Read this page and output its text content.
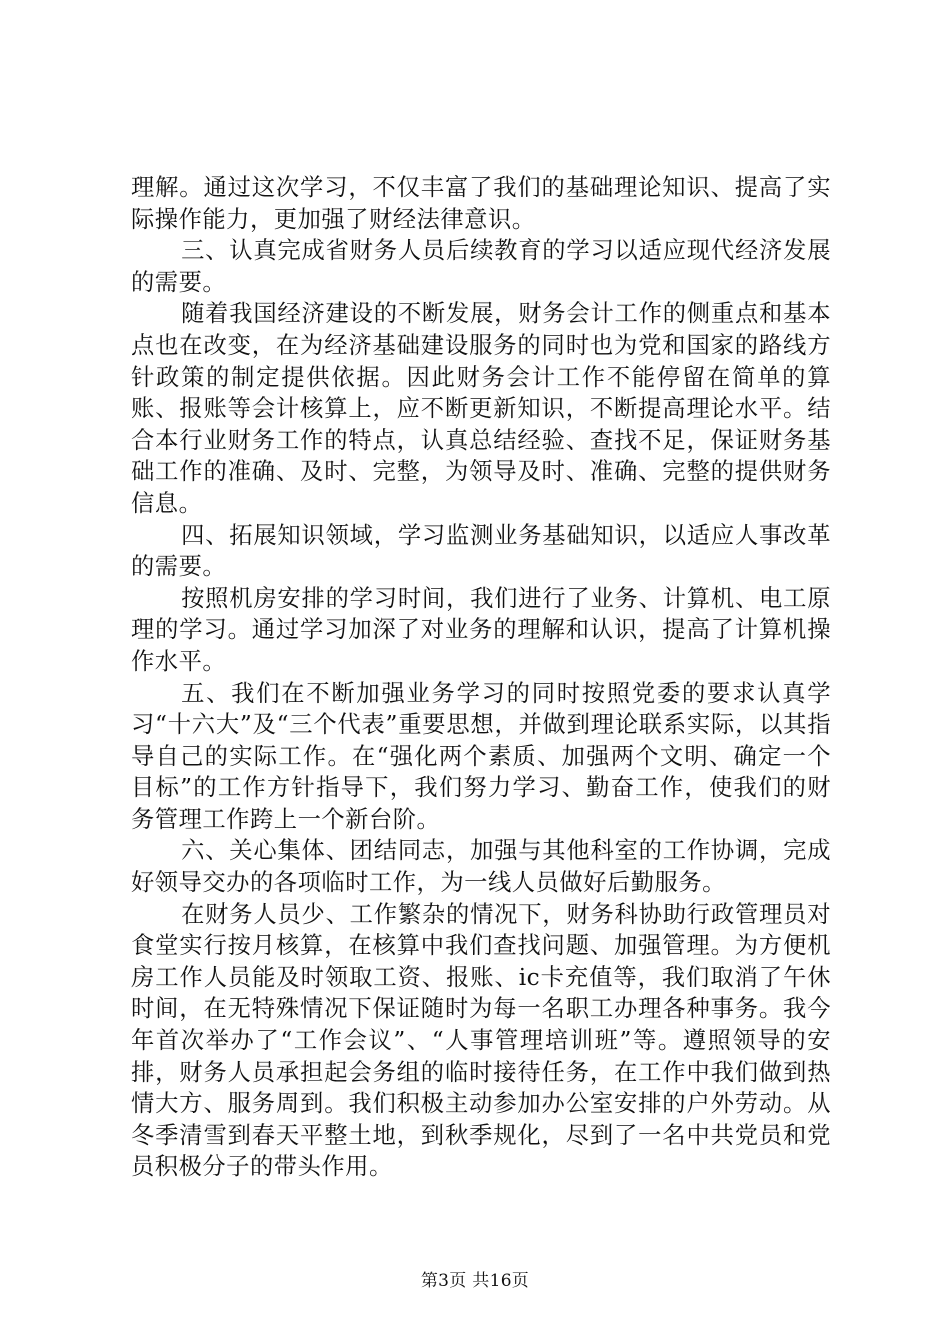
理解。通过这次学习，不仅丰富了我们的基础理论知识、提高了实际操作能力，更加强了财经法律意识。

三、认真完成省财务人员后续教育的学习以适应现代经济发展的需要。

随着我国经济建设的不断发展，财务会计工作的侧重点和基本点也在改变，在为经济基础建设服务的同时也为党和国家的路线方针政策的制定提供依据。因此财务会计工作不能停留在简单的算账、报账等会计核算上，应不断更新知识，不断提高理论水平。结合本行业财务工作的特点，认真总结经验、查找不足，保证财务基础工作的准确、及时、完整，为领导及时、准确、完整的提供财务信息。

四、拓展知识领域，学习监测业务基础知识，以适应人事改革的需要。

按照机房安排的学习时间，我们进行了业务、计算机、电工原理的学习。通过学习加深了对业务的理解和认识，提高了计算机操作水平。

五、我们在不断加强业务学习的同时按照党委的要求认真学习“十六大”及“三个代表”重要思想，并做到理论联系实际，以其指导自己的实际工作。在“强化两个素质、加强两个文明、确定一个目标”的工作方针指导下，我们努力学习、勤奋工作，使我们的财务管理工作跨上一个新台阶。

六、关心集体、团结同志，加强与其他科室的工作协调，完成好领导交办的各项临时工作，为一线人员做好后勤服务。

在财务人员少、工作繁杂的情况下，财务科协助行政管理员对食堂实行按月核算，在核算中我们查找问题、加强管理。为方便机房工作人员能及时领取工资、报账、ic卡充值等，我们取消了午休时间，在无特殊情况下保证随时为每一名职工办理各种事务。我今年首次举办了“工作会议”、“人事管理培训班”等。遵照领导的安排，财务人员承担起会务组的临时接待任务，在工作中我们做到热情大方、服务周到。我们积极主动参加办公室安排的户外劳动。从冬季清雪到春天平整土地，到秋季规化，尽到了一名中共党员和党员积极分子的带头作用。

第3页 共16页
